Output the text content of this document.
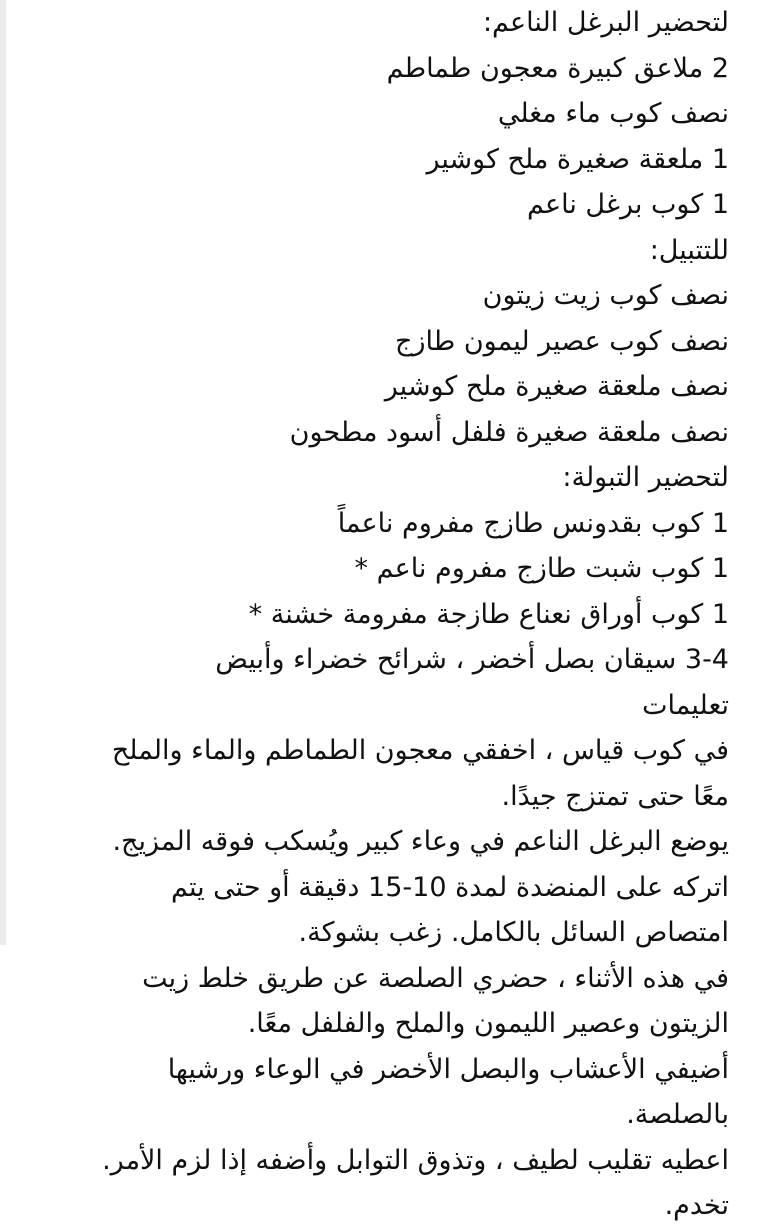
لتحضير البرغل الناعم:
2 ملاعق كبيرة معجون طماطم
نصف كوب ماء مغلي
1 ملعقة صغيرة ملح كوشير
1 كوب برغل ناعم
للتتبيل:
نصف كوب زيت زيتون
نصف كوب عصير ليمون طازج
نصف ملعقة صغيرة ملح كوشير
نصف ملعقة صغيرة فلفل أسود مطحون
لتحضير التبولة:
1 كوب بقدونس طازج مفروم ناعماً
1 كوب شبت طازج مفروم ناعم *
1 كوب أوراق نعناع طازجة مفرومة خشنة *
3-4 سيقان بصل أخضر ، شرائح خضراء وأبيض
تعليمات
في كوب قياس ، اخفقي معجون الطماطم والماء والملح
معًا حتى تمتزج جيدًا.
يوضع البرغل الناعم في وعاء كبير ويُسكب فوقه المزيج.
اتركه على المنضدة لمدة 10-15 دقيقة أو حتى يتم
امتصاص السائل بالكامل. زغب بشوكة.
في هذه الأثناء ، حضري الصلصة عن طريق خلط زيت
الزيتون وعصير الليمون والملح والفلفل معًا.
أضيفي الأعشاب والبصل الأخضر في الوعاء ورشيها
بالصلصة.
اعطيه تقليب لطيف ، وتذوق التوابل وأضفه إذا لزم الأمر.
تخدم.
